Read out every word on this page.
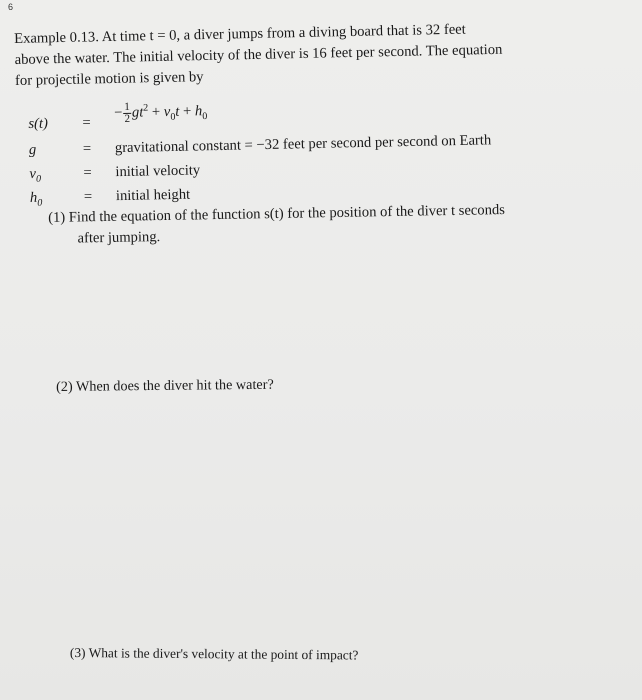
6

Example 0.13. At time t = 0, a diver jumps from a diving board that is 32 feet

above the water. The initial velocity of the diver is 16 feet per second. The equation

for projectile motion is given by

s(t)	=
− $\frac{1}{2} gt^2 + v_0t + h_0$
g	= gravitational constant = −32 feet per second per second on Earth
$v_0$	= initial velocity
$h_0$	= initial height

(1) Find the equation of the function s(t) for the position of the diver t seconds

after jumping.

(2) When does the diver hit the water?

(3) What is the diver's velocity at the point of impact?
